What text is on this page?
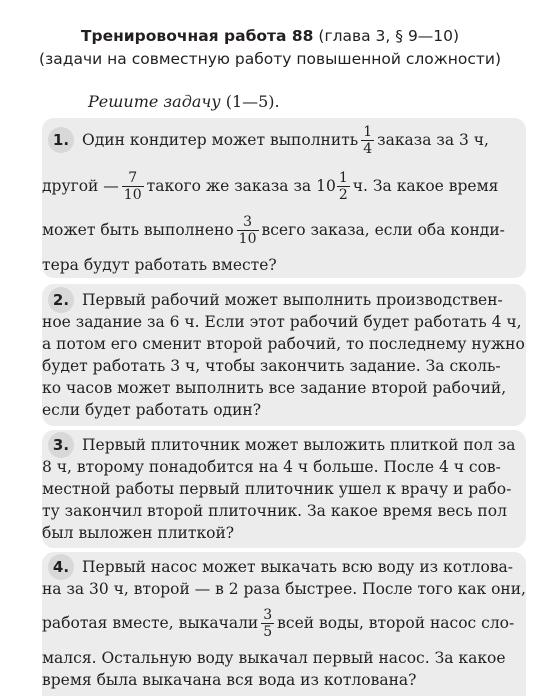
Тренировочная работа 88 (глава 3, § 9—10)
(задачи на совместную работу повышенной сложности)
Решите задачу (1—5).
1. Один кондитер может выполнить $\frac{1}{4}$ заказа за 3 ч,
другой — $\frac{7}{10}$ такого же заказа за $10 \frac{1}{2} ч$. За какое время
может быть выполнено $\frac{3}{10}$ всего заказа, если оба конди-
тера будут работать вместе?
2. Первый рабочий может выполнить производствен-
ное задание за 6 ч. Если этот рабочий будет работать 4 ч,
а потом его сменит второй рабочий, то последнему нужно
будет работать 3 ч, чтобы закончить задание. За сколь-
ко часов может выполнить все задание второй рабочий,
если будет работать один?
3. Первый плиточник может выложить плиткой пол за
8 ч, второму понадобится на 4 ч больше. После 4 ч сов-
местной работы первый плиточник ушел к врачу и рабо-
ту закончил второй плиточник. За какое время весь пол
был выложен плиткой?
4. Первый насос может выкачать всю воду из котлова-
на за 30 ч, второй — в 2 раза быстрее. После того как они,
работая вместе, выкачали $\frac{3}{5}$ всей воды, второй насос сло-
мался. Остальную воду выкачал первый насос. За какое
время была выкачана вся вода из котлована?
